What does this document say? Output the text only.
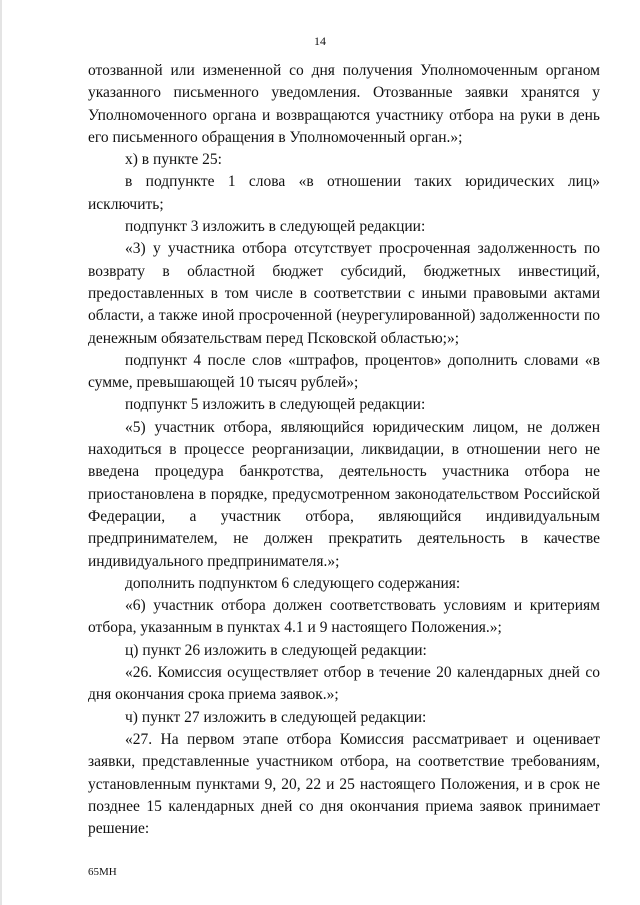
14

отозванной или измененной со дня получения Уполномоченным органом указанного письменного уведомления. Отозванные заявки хранятся у Уполномоченного органа и возвращаются участнику отбора на руки в день его письменного обращения в Уполномоченный орган.»;

х) в пункте 25:

в подпункте 1 слова «в отношении таких юридических лиц» исключить;

подпункт 3 изложить в следующей редакции:

«3) у участника отбора отсутствует просроченная задолженность по возврату в областной бюджет субсидий, бюджетных инвестиций, предоставленных в том числе в соответствии с иными правовыми актами области, а также иной просроченной (неурегулированной) задолженности по денежным обязательствам перед Псковской областью;»;

подпункт 4 после слов «штрафов, процентов» дополнить словами «в сумме, превышающей 10 тысяч рублей»;

подпункт 5 изложить в следующей редакции:

«5) участник отбора, являющийся юридическим лицом, не должен находиться в процессе реорганизации, ликвидации, в отношении него не введена процедура банкротства, деятельность участника отбора не приостановлена в порядке, предусмотренном законодательством Российской Федерации, а участник отбора, являющийся индивидуальным предпринимателем, не должен прекратить деятельность в качестве индивидуального предпринимателя.»;

дополнить подпунктом 6 следующего содержания:

«6) участник отбора должен соответствовать условиям и критериям отбора, указанным в пунктах 4.1 и 9 настоящего Положения.»;

ц) пункт 26 изложить в следующей редакции:

«26. Комиссия осуществляет отбор в течение 20 календарных дней со дня окончания срока приема заявок.»;

ч) пункт 27 изложить в следующей редакции:

«27. На первом этапе отбора Комиссия рассматривает и оценивает заявки, представленные участником отбора, на соответствие требованиям, установленным пунктами 9, 20, 22 и 25 настоящего Положения, и в срок не позднее 15 календарных дней со дня окончания приема заявок принимает решение:

65МН
